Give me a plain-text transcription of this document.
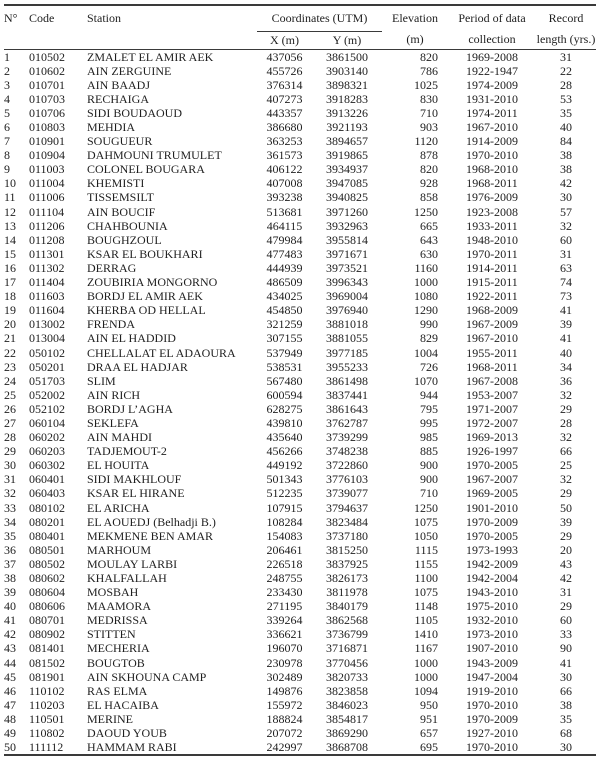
N°	Code	Station	Coordinates (UTM)		Elevation	Period of data	Record
			X (m)	Y (m)	(m)	collection	length (yrs.)
1	010502	ZMALET EL AMIR AEK	437056	3861500	820	1969-2008	31
2	010602	AIN ZERGUINE	455726	3903140	786	1922-1947	22
3	010701	AIN BAADJ	376314	3898321	1025	1974-2009	28
4	010703	RECHAIGA	407273	3918283	830	1931-2010	53
5	010706	SIDI BOUDAOUD	443357	3913226	710	1974-2011	35
6	010803	MEHDIA	386680	3921193	903	1967-2010	40
7	010901	SOUGUEUR	363253	3894657	1120	1914-2009	84
8	010904	DAHMOUNI TRUMULET	361573	3919865	878	1970-2010	38
9	011003	COLONEL BOUGARA	406122	3934937	820	1968-2010	38
10	011004	KHEMISTI	407008	3947085	928	1968-2011	42
11	011006	TISSEMSILT	393238	3940825	858	1976-2009	30
12	011104	AIN BOUCIF	513681	3971260	1250	1923-2008	57
13	011206	CHAHBOUNIA	464115	3932963	665	1933-2011	32
14	011208	BOUGHZOUL	479984	3955814	643	1948-2010	60
15	011301	KSAR EL BOUKHARI	477483	3971671	630	1970-2011	31
16	011302	DERRAG	444939	3973521	1160	1914-2011	63
17	011404	ZOUBIRIA MONGORNO	486509	3996343	1000	1915-2011	74
18	011603	BORDJ EL AMIR AEK	434025	3969004	1080	1922-2011	73
19	011604	KHERBA OD HELLAL	454850	3976940	1290	1968-2009	41
20	013002	FRENDA	321259	3881018	990	1967-2009	39
21	013004	AIN EL HADDID	307155	3881055	829	1967-2010	41
22	050102	CHELLALAT EL ADAOURA	537949	3977185	1004	1955-2011	40
23	050201	DRAA EL HADJAR	538531	3955233	726	1968-2011	34
24	051703	SLIM	567480	3861498	1070	1967-2008	36
25	052002	AIN RICH	600594	3837441	944	1953-2007	32
26	052102	BORDJ L’AGHA	628275	3861643	795	1971-2007	29
27	060104	SEKLEFA	439810	3762787	995	1972-2007	28
28	060202	AIN MAHDI	435640	3739299	985	1969-2013	32
29	060203	TADJEMOUT-2	456266	3748238	885	1926-1997	66
30	060302	EL HOUITA	449192	3722860	900	1970-2005	25
31	060401	SIDI MAKHLOUF	501343	3776103	900	1967-2007	32
32	060403	KSAR EL HIRANE	512235	3739077	710	1969-2005	29
33	080102	EL ARICHA	107915	3794637	1250	1901-2010	50
34	080201	EL AOUEDJ (Belhadji B.)	108284	3823484	1075	1970-2009	39
35	080401	MEKMENE BEN AMAR	154083	3737180	1050	1970-2005	29
36	080501	MARHOUM	206461	3815250	1115	1973-1993	20
37	080502	MOULAY LARBI	226518	3837925	1155	1942-2009	43
38	080602	KHALFALLAH	248755	3826173	1100	1942-2004	42
39	080604	MOSBAH	233430	3811978	1075	1943-2010	31
40	080606	MAAMORA	271195	3840179	1148	1975-2010	29
41	080701	MEDRISSA	339264	3862568	1105	1932-2010	60
42	080902	STITTEN	336621	3736799	1410	1973-2010	33
43	081401	MECHERIA	196070	3716871	1167	1907-2010	90
44	081502	BOUGTOB	230978	3770456	1000	1943-2009	41
45	081901	AIN SKHOUNA CAMP	302489	3820733	1000	1947-2004	30
46	110102	RAS ELMA	149876	3823858	1094	1919-2010	66
47	110203	EL HACAIBA	155972	3846023	950	1970-2010	38
48	110501	MERINE	188824	3854817	951	1970-2009	35
49	110802	DAOUD YOUB	207072	3869290	657	1927-2010	68
50	111112	HAMMAM RABI	242997	3868708	695	1970-2010	30
